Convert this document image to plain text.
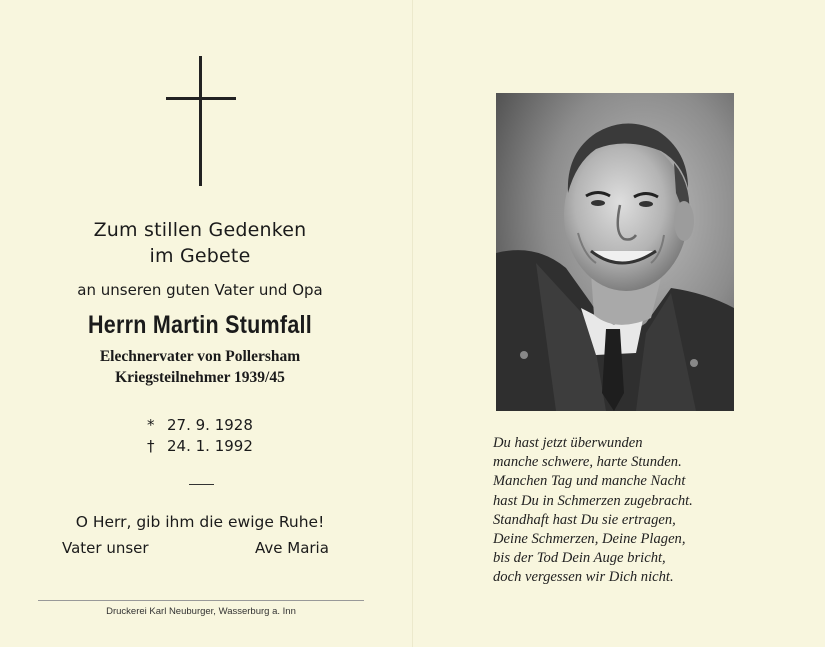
Zum stillen Gedenken
im Gebete
an unseren guten Vater und Opa
Herrn Martin Stumfall
Elechnervater von Pollersham
Kriegsteilnehmer 1939/45
* 27. 9. 1928
† 24. 1. 1992
O Herr, gib ihm die ewige Ruhe!
Vater unser	Ave Maria
Druckerei Karl Neuburger, Wasserburg a. Inn
Du hast jetzt überwunden
manche schwere, harte Stunden.
Manchen Tag und manche Nacht
hast Du in Schmerzen zugebracht.
Standhaft hast Du sie ertragen,
Deine Schmerzen, Deine Plagen,
bis der Tod Dein Auge bricht,
doch vergessen wir Dich nicht.
